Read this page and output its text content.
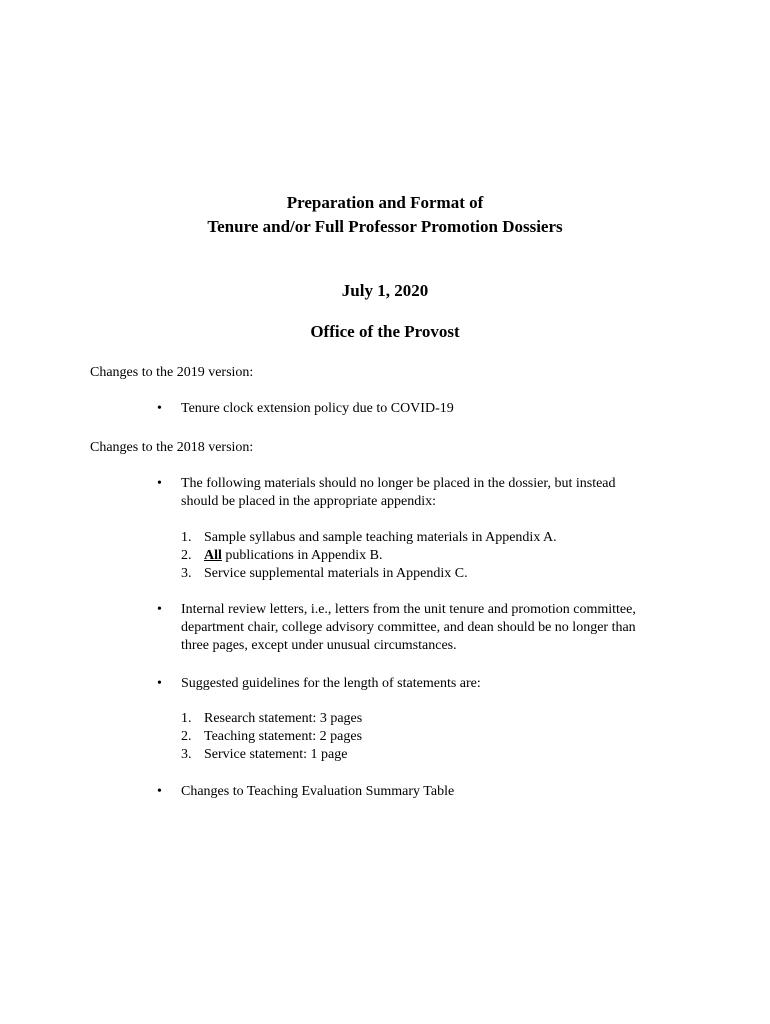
Preparation and Format of
Tenure and/or Full Professor Promotion Dossiers
July 1, 2020
Office of the Provost
Changes to the 2019 version:
• Tenure clock extension policy due to COVID-19
Changes to the 2018 version:
• The following materials should no longer be placed in the dossier, but instead
should be placed in the appropriate appendix:
1. Sample syllabus and sample teaching materials in Appendix A.
2. All publications in Appendix B.
3. Service supplemental materials in Appendix C.
• Internal review letters, i.e., letters from the unit tenure and promotion committee,
department chair, college advisory committee, and dean should be no longer than
three pages, except under unusual circumstances.
• Suggested guidelines for the length of statements are:
1. Research statement: 3 pages
2. Teaching statement: 2 pages
3. Service statement: 1 page
• Changes to Teaching Evaluation Summary Table
